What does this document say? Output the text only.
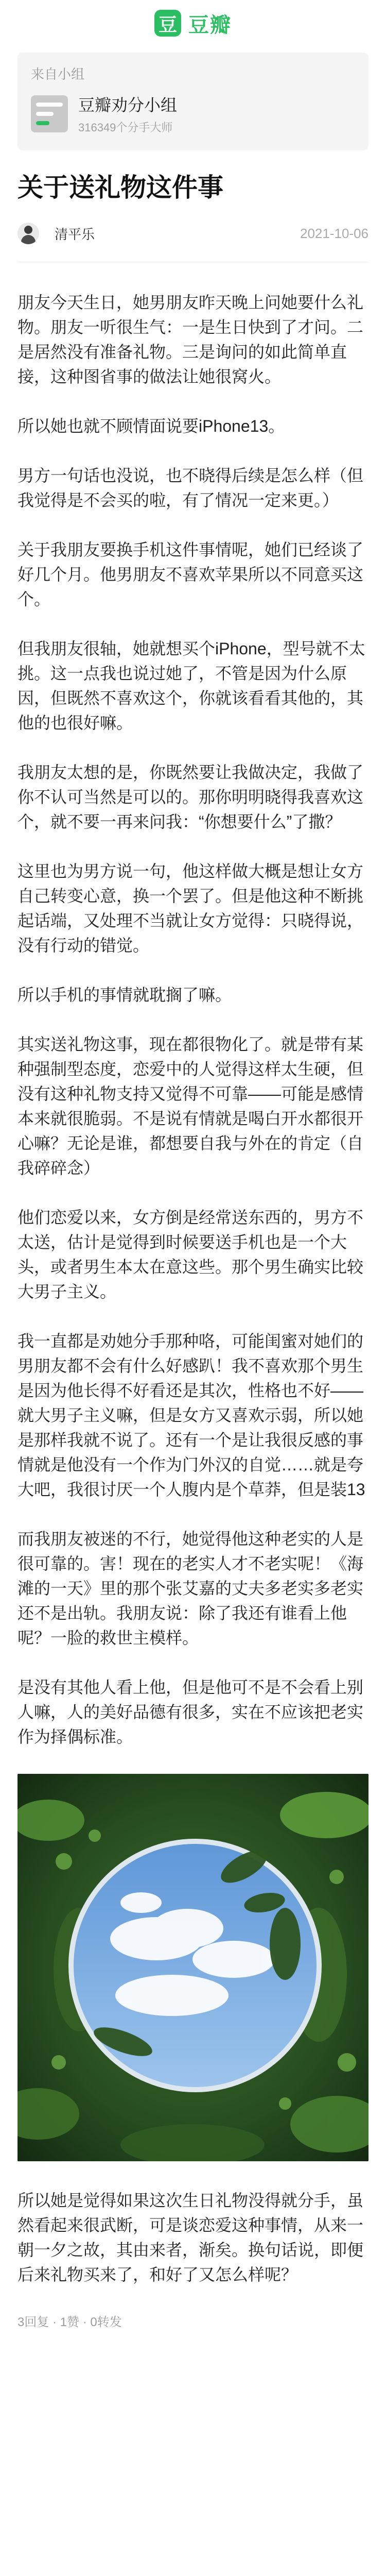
豆 豆瓣
来自小组
豆瓣劝分小组
316349个分手大师
关于送礼物这件事
清平乐	2021-10-06

朋友今天生日，她男朋友昨天晚上问她要什么礼物。朋友一听很生气：一是生日快到了才问。二是居然没有准备礼物。三是询问的如此简单直接，这种图省事的做法让她很窝火。

所以她也就不顾情面说要iPhone13。

男方一句话也没说，也不晓得后续是怎么样（但我觉得是不会买的啦，有了情况一定来更。）

关于我朋友要换手机这件事情呢，她们已经谈了好几个月。他男朋友不喜欢苹果所以不同意买这个。

但我朋友很轴，她就想买个iPhone，型号就不太挑。这一点我也说过她了，不管是因为什么原因，但既然不喜欢这个，你就该看看其他的，其他的也很好嘛。

我朋友太想的是，你既然要让我做决定，我做了你不认可当然是可以的。那你明明晓得我喜欢这个，就不要一再来问我：“你想要什么”了撒？

这里也为男方说一句，他这样做大概是想让女方自己转变心意，换一个罢了。但是他这种不断挑起话端，又处理不当就让女方觉得：只晓得说，没有行动的错觉。

所以手机的事情就耽搁了嘛。

其实送礼物这事，现在都很物化了。就是带有某种强制型态度，恋爱中的人觉得这样太生硬，但没有这种礼物支持又觉得不可靠——可能是感情本来就很脆弱。不是说有情就是喝白开水都很开心嘛？无论是谁，都想要自我与外在的肯定（自我碎碎念）

他们恋爱以来，女方倒是经常送东西的，男方不太送，估计是觉得到时候要送手机也是一个大头，或者男生本太在意这些。那个男生确实比较大男子主义。

我一直都是劝她分手那种咯，可能闺蜜对她们的男朋友都不会有什么好感趴！我不喜欢那个男生是因为他长得不好看还是其次，性格也不好——就大男子主义嘛，但是女方又喜欢示弱，所以她是那样我就不说了。还有一个是让我很反感的事情就是他没有一个作为门外汉的自觉……就是夸大吧，我很讨厌一个人腹内是个草莽，但是装13

而我朋友被迷的不行，她觉得他这种老实的人是很可靠的。害！现在的老实人才不老实呢！《海滩的一天》里的那个张艾嘉的丈夫多老实多老实还不是出轨。我朋友说：除了我还有谁看上他呢？一脸的救世主模样。

是没有其他人看上他，但是他可不是不会看上别人嘛，人的美好品德有很多，实在不应该把老实作为择偶标准。

所以她是觉得如果这次生日礼物没得就分手，虽然看起来很武断，可是谈恋爱这种事情，从来一朝一夕之故，其由来者，渐矣。换句话说，即便后来礼物买来了，和好了又怎么样呢？

3回复 · 1赞 · 0转发
